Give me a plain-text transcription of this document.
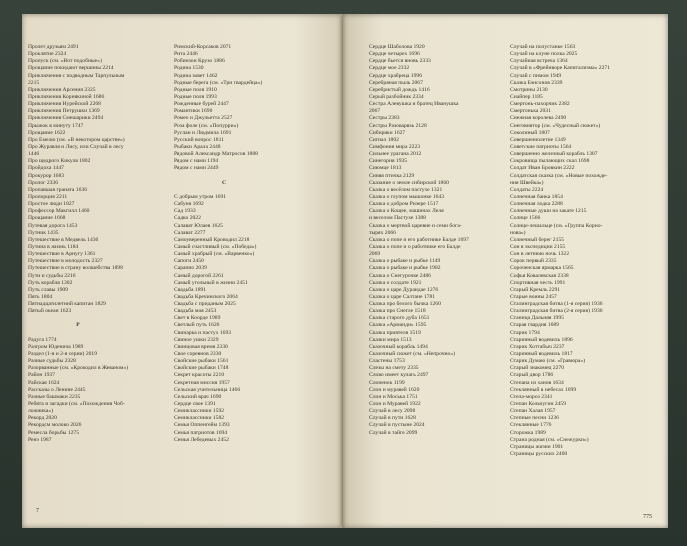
Пролет друзьям 2491
Проклятие 2324
Пропуск (см. «Вот подобные»)
Прощание покидают вершины 2214
Приключения с подводным Тарпульным
2215
Приключения Арсения 2325
Приключения Корнякиной 1686
Приключения Нурейской 2268
Приключения Петрушки 1369
Приключения Смешарики 2494
Прыжок в минуту 1747
Прощание 1622
Про Емелю (см. «В некотором царстве»)
Про Журавля и Лису, или Случай в лесу
1446
Про щедрого Кикуля 1802
Пройдоха 1447
Прокурор 1683
Пролог 2336
Пропавшая граната 1636
Пропорция 2211
Простое люди 1827
Профессор Макгилл 1460
Прощание 1668
Путевая дорога 1453
Путник 1435
Путешествие в Медвель 1436
Путина в жизнь 1184
Путешествие в Арнугу 1361
Путешествие в молодость 2327
Путешествие в страну волшебства 1898
Пути и судьбы 2216
Путь корабля 1302
Путь славы 1909
Пять 1804
Пятнадцатилетний капитан 1829
Пятый океан 1623
Р
Радуга 1774
Разгром Юденича 1989
Раздел (1-я и 2-я серии) 2019
Разные судьбы 2328
Разорванные (см. «Крокодил в Жеваном»)
Район 1937
Райская 1624
Рассказы о Ленине 2445
Разные башмаки 2235
Ребята и загадки (см. «Похождения Чоб-
ложника»)
Рекорд 2020
Рекордсм молоко 2026
Ремесла борьбы 1275
Ренэ 1987
Римский-Корсаков 2071
Рита 2446
Робинзон Крузо 1886
Родина 1530
Родина зовет 1462
Родные берега (см. «Три гвардейца»)
Родные поля 1910
Родные поля 1993
Рожденные бурей 2447
Романтики 1690
Ромео и Джульетта 2527
Роза фоле (см. «Попурри»)
Руслан и Людмила 1691
Русский вопрос 1811
Рыбаки Арала 2448
Рядовой Александр Матросов 1888
Рядом с нами 1194
Рядом с нами 2449
С
С добрым утром 1691
Сабуня 1692
Сад 1933
Садко 2022
Салават Юлаев 1625
Салават 2277
Самоуверенный Кроводил 2218
Самый счастливый (см. «Победа»)
Самый храбрый (см. «Варвенко»)
Сапоги 2450
Сарапио 2039
Самый дорогой 2261
Самый угольный в жизни 2451
Свадьба 1891
Свадьба Кречинского 2064
Свадьба с приданым 2025
Свадьба моя 2453
Свет в Коорде 1989
Светлый путь 1626
Свинарка и пастух 1693
Свиное ушки 2329
Свинцовая время 2330
Свое соревнов 2330
Свойские рыбаки 1561
Свойские рыбаки 1748
Секрет красоты 2210
Секретная миссия 1957
Сельская учительница 1466
Сельский врач 1690
Сердце свое 1391
Семиклассники 1592
Семиклассники 1582
Семья Оппенгейм 1393
Семья патриотов 1694
Семья Лебедевых 2452
7
Сердце Шаболова 1920
Сердце четырех 1696
Сердце бьется вновь 2333
Сердце мое 2332
Сердце храбреца 1996
Серебряная пыль 2067
Серебристый дождь 1416
Серый разбойник 2334
Сестра Алевушка и братец Иванушка
2067
Сестры 2383
Сестры Разоварвзь 2128
Сибиряки 1627
Сигнал 1802
Симфония мира 2223
Сильнее урагана 2012
Синегория 1935
Сиюмце 1813
Синяя птичка 2129
Сказание о земле сибирской 1860
Сказка о весёлом пастухе 1321
Сказка о глупом мышонке 1643
Сказка о добром Ризере 1517
Сказка о Кощее, машинах Леля
и веселом Пастухе 1388
Сказка о мертвой царевне и семи бога-
тырях 2066
Сказка о попе и его работнике Балде 1697
Сказка о попе и о работнике его Балде
2069
Сказка о рыбаке и рыбке 1149
Сказка о рыбаке и рыбке 1982
Сказка о Снегурочке 2486
Сказка о солдате 1921
Сказка о царе Дурандае 1276
Сказка о царе Салтане 1781
Сказка про белого бычка 1260
Сказка про Снегле 1518
Сказка старого дуба 1651
Сказка «Арманди» 1595
Сказка приятеля 1519
Сказки мира 1513
Сказочный корабль 1494
Сказочный сюжет (см. «Непрочно»)
Сластены 1753
Слезы на смету 2335
Слово имеет кулагь 2497
Слоненок 1199
Слон и муравей 1620
Слон и Моська 1751
Слон и Муравей 1922
Случай в лесу 2098
Случай в пути 1628
Случай в пустыне 2024
Случай в тайге 2099
Случай на полустанке 1563
Случай на клуне полка 2025
Случайная встреча 1364
Случай в «Фрейнворе Капитализма» 2271
Случай с пимом 1949
Сказка Бэнсонов 2339
Смотрины 2130
Снайпер 1185
Смертонь-пахорчик 2382
Смертонька 2031
Снежная королева 2490
Снеговнятор (см. «Чудесный сюжет»)
Соколиный 1807
Совершеннолетие 1349
Советские патриоты 1564
Совершенно железный корабль 1307
Сокровища пылающих скал 1698
Солдат Иван Бровкин 2222
Солдатская сказка (см. «Новые похожде-
ния Швейка»)
Солдаты 2224
Солнечная банка 1854
Солнечная лодка 2288
Солнечные души на закате 1215
Солнце 1566
Солнце-лешальце (см. «Группа Корно-
нова»)
Солнечный берег 2155
Сон в экспедиции 2155
Сон в летнюю ночь 1322
Сорок первый 2335
Сороченская ярмарка 1565
Софья Ковалевская 2338
Спортивная честь 1991
Старый Кремль 2291
Старые воины 2457
Сталинградская битва (1-я серия) 1936
Сталинградская битва (2-я серия) 1936
Станица Дальняя 1995
Старая гвардия 1689
Старик 1794
Старинный водевиль 1896
Старик Хоттабыч 2237
Старинный водевиль 1817
Старик Думаю (см. «Гравюра»)
Старый знакомец 2270
Старый двор 1786
Степана из ханов 1634
Стеклянный в небесах 1699
Стела-мороз 2341
Степан Кольчугин 2459
Степан Халая 1957
Степные песни 1236
Стеклянные 1776
Сторожка 1989
Страна родная (см. «Снежурки»)
Страницы жизни 1901
Страницы русских 2460
775
